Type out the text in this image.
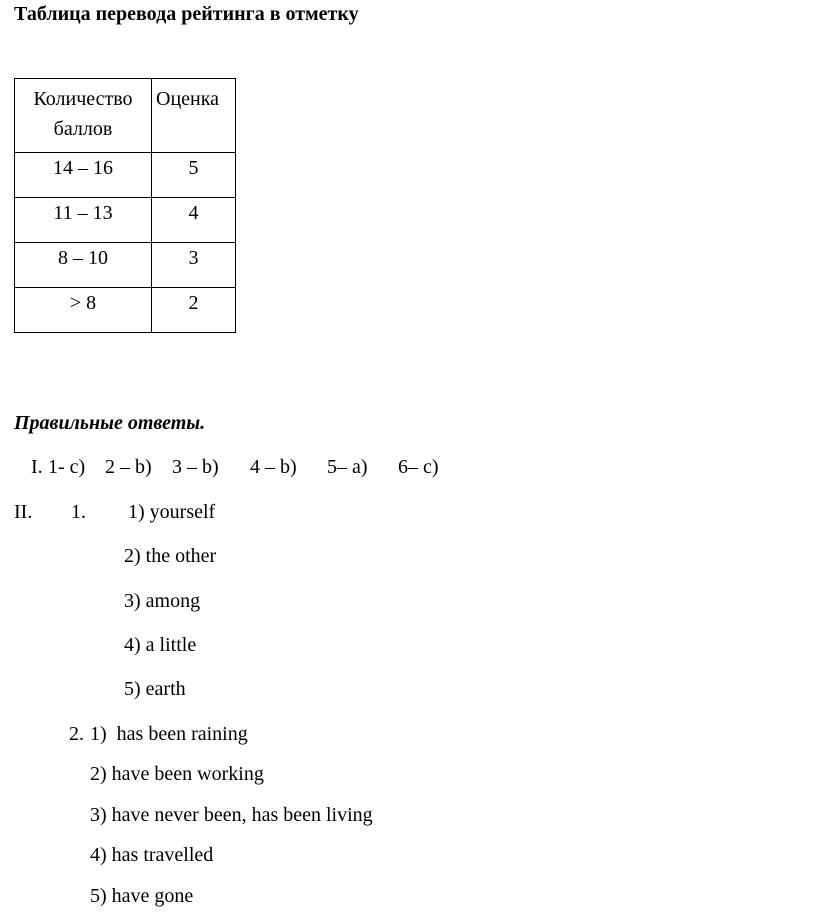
Таблица перевода рейтинга в отметку
Количество
баллов	Оценка
14 – 16	5
11 – 13	4
8 – 10	3
> 8	2
Правильные ответы.
I. 1- c) 2 – b) 3 – b) 4 – b) 5– a) 6– c)
II. 1. 1) yourself
2) the other
3) among
4) a little
5) earth
2. 1)  has been raining
2) have been working
3) have never been, has been living
4) has travelled
5) have gone
